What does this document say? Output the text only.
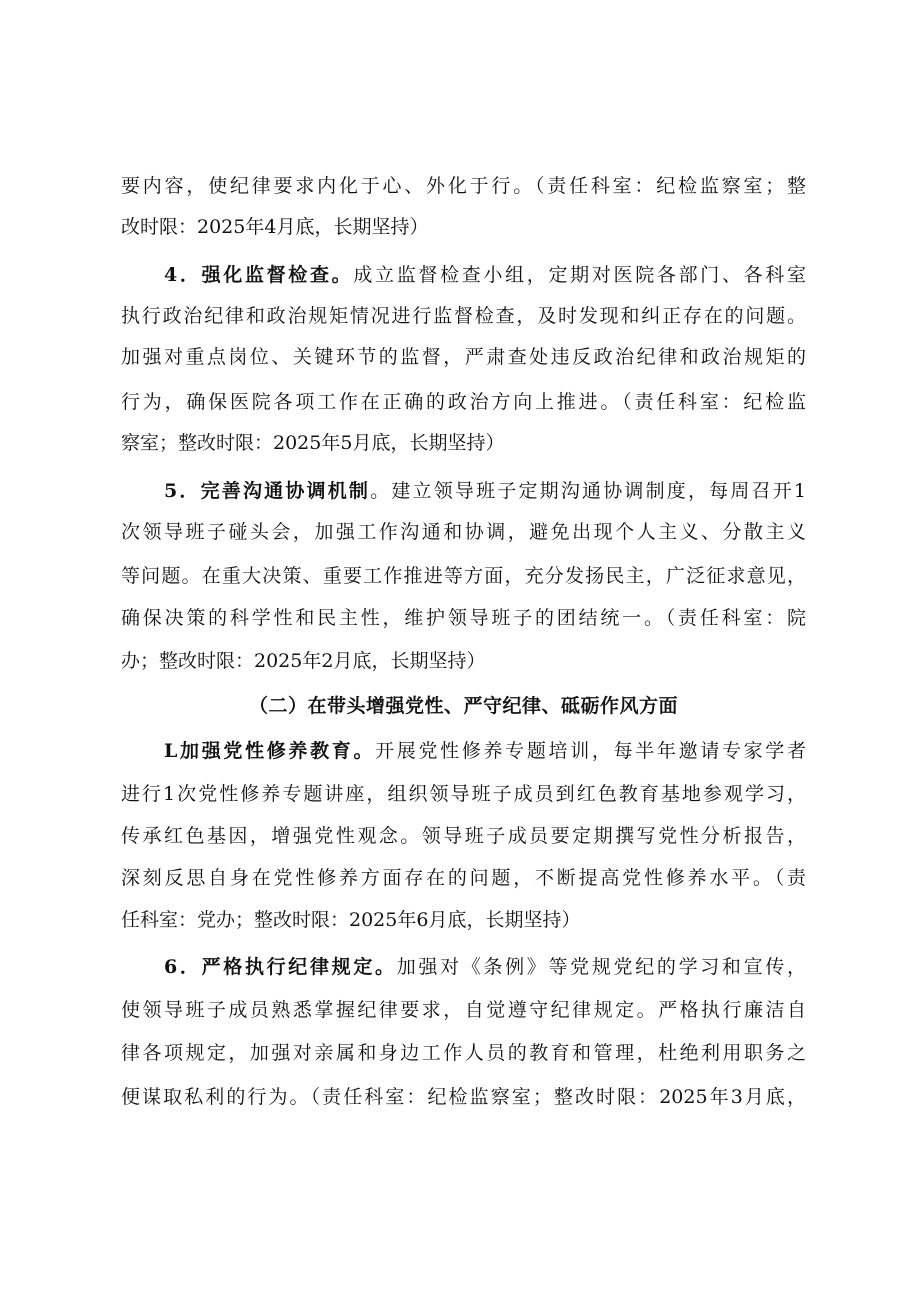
要内容，使纪律要求内化于心、外化于行。（责任科室：纪检监察室；整
改时限：2025年4月底，长期坚持）
4．强化监督检查。成立监督检查小组，定期对医院各部门、各科室
执行政治纪律和政治规矩情况进行监督检查，及时发现和纠正存在的问题。
加强对重点岗位、关键环节的监督，严肃查处违反政治纪律和政治规矩的
行为，确保医院各项工作在正确的政治方向上推进。（责任科室：纪检监
察室；整改时限：2025年5月底，长期坚持）
5．完善沟通协调机制。建立领导班子定期沟通协调制度，每周召开1
次领导班子碰头会，加强工作沟通和协调，避免出现个人主义、分散主义
等问题。在重大决策、重要工作推进等方面，充分发扬民主，广泛征求意见，
确保决策的科学性和民主性，维护领导班子的团结统一。（责任科室：院
办；整改时限：2025年2月底，长期坚持）
（二）在带头增强党性、严守纪律、砥砺作风方面
L加强党性修养教育。开展党性修养专题培训，每半年邀请专家学者
进行1次党性修养专题讲座，组织领导班子成员到红色教育基地参观学习，
传承红色基因，增强党性观念。领导班子成员要定期撰写党性分析报告，
深刻反思自身在党性修养方面存在的问题，不断提高党性修养水平。（责
任科室：党办；整改时限：2025年6月底，长期坚持）
6．严格执行纪律规定。加强对《条例》等党规党纪的学习和宣传，
使领导班子成员熟悉掌握纪律要求，自觉遵守纪律规定。严格执行廉洁自
律各项规定，加强对亲属和身边工作人员的教育和管理，杜绝利用职务之
便谋取私利的行为。（责任科室：纪检监察室；整改时限：2025年3月底，
